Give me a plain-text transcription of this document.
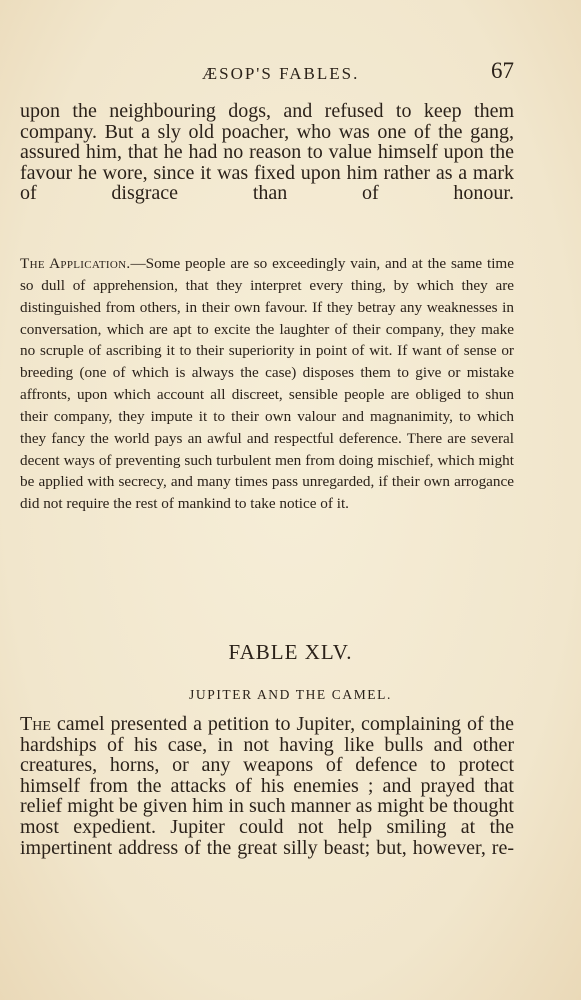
ÆSOP'S FABLES.	67

upon the neighbouring dogs, and refused to keep them company. But a sly old poacher, who was one of the gang, assured him, that he had no reason to value himself upon the favour he wore, since it was fixed upon him rather as a mark of disgrace than of honour.

The Application.—Some people are so exceedingly vain, and at the same time so dull of apprehension, that they interpret every thing, by which they are distinguished from others, in their own favour. If they betray any weaknesses in conversation, which are apt to excite the laughter of their company, they make no scruple of ascribing it to their superiority in point of wit. If want of sense or breeding (one of which is always the case) disposes them to give or mistake affronts, upon which account all discreet, sensible people are obliged to shun their company, they impute it to their own valour and magnanimity, to which they fancy the world pays an awful and respectful deference. There are several decent ways of preventing such turbulent men from doing mischief, which might be applied with secrecy, and many times pass unregarded, if their own arrogance did not require the rest of mankind to take notice of it.

FABLE XLV.
JUPITER AND THE CAMEL.

The camel presented a petition to Jupiter, complaining of the hardships of his case, in not having like bulls and other creatures, horns, or any weapons of defence to protect himself from the attacks of his enemies ; and prayed that relief might be given him in such manner as might be thought most expedient. Jupiter could not help smiling at the impertinent address of the great silly beast; but, however, re-
